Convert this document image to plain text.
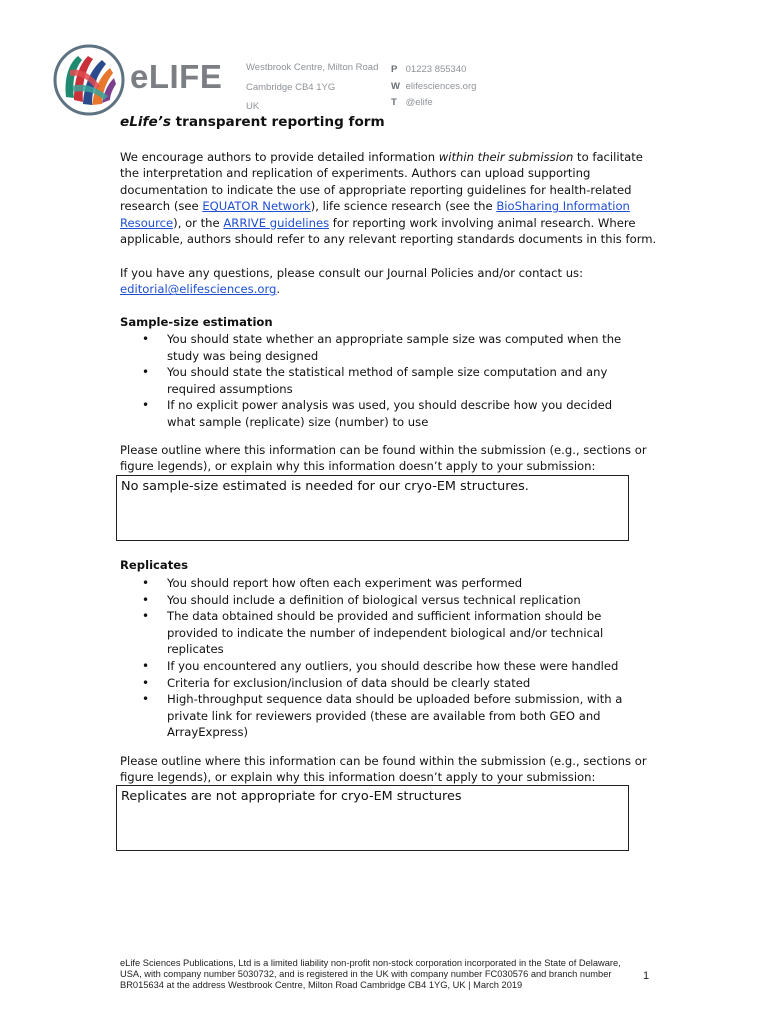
eLIFE Westbrook Centre, Milton Road
Cambridge CB4 1YG
UK
P 01223 855340
W elifesciences.org
T @elife
eLife’s transparent reporting form
We encourage authors to provide detailed information within their submission to facilitate the interpretation and replication of experiments. Authors can upload supporting documentation to indicate the use of appropriate reporting guidelines for health-related research (see EQUATOR Network), life science research (see the BioSharing Information Resource), or the ARRIVE guidelines for reporting work involving animal research. Where applicable, authors should refer to any relevant reporting standards documents in this form.
If you have any questions, please consult our Journal Policies and/or contact us:
editorial@elifesciences.org.
Sample-size estimation
• You should state whether an appropriate sample size was computed when the study was being designed
• You should state the statistical method of sample size computation and any required assumptions
• If no explicit power analysis was used, you should describe how you decided what sample (replicate) size (number) to use
Please outline where this information can be found within the submission (e.g., sections or figure legends), or explain why this information doesn’t apply to your submission:
No sample-size estimated is needed for our cryo-EM structures.
Replicates
• You should report how often each experiment was performed
• You should include a definition of biological versus technical replication
• The data obtained should be provided and sufficient information should be provided to indicate the number of independent biological and/or technical replicates
• If you encountered any outliers, you should describe how these were handled
• Criteria for exclusion/inclusion of data should be clearly stated
• High-throughput sequence data should be uploaded before submission, with a private link for reviewers provided (these are available from both GEO and ArrayExpress)
Please outline where this information can be found within the submission (e.g., sections or figure legends), or explain why this information doesn’t apply to your submission:
Replicates are not appropriate for cryo-EM structures
eLife Sciences Publications, Ltd is a limited liability non-profit non-stock corporation incorporated in the State of Delaware, USA, with company number 5030732, and is registered in the UK with company number FC030576 and branch number BR015634 at the address Westbrook Centre, Milton Road Cambridge CB4 1YG, UK | March 2019
1
